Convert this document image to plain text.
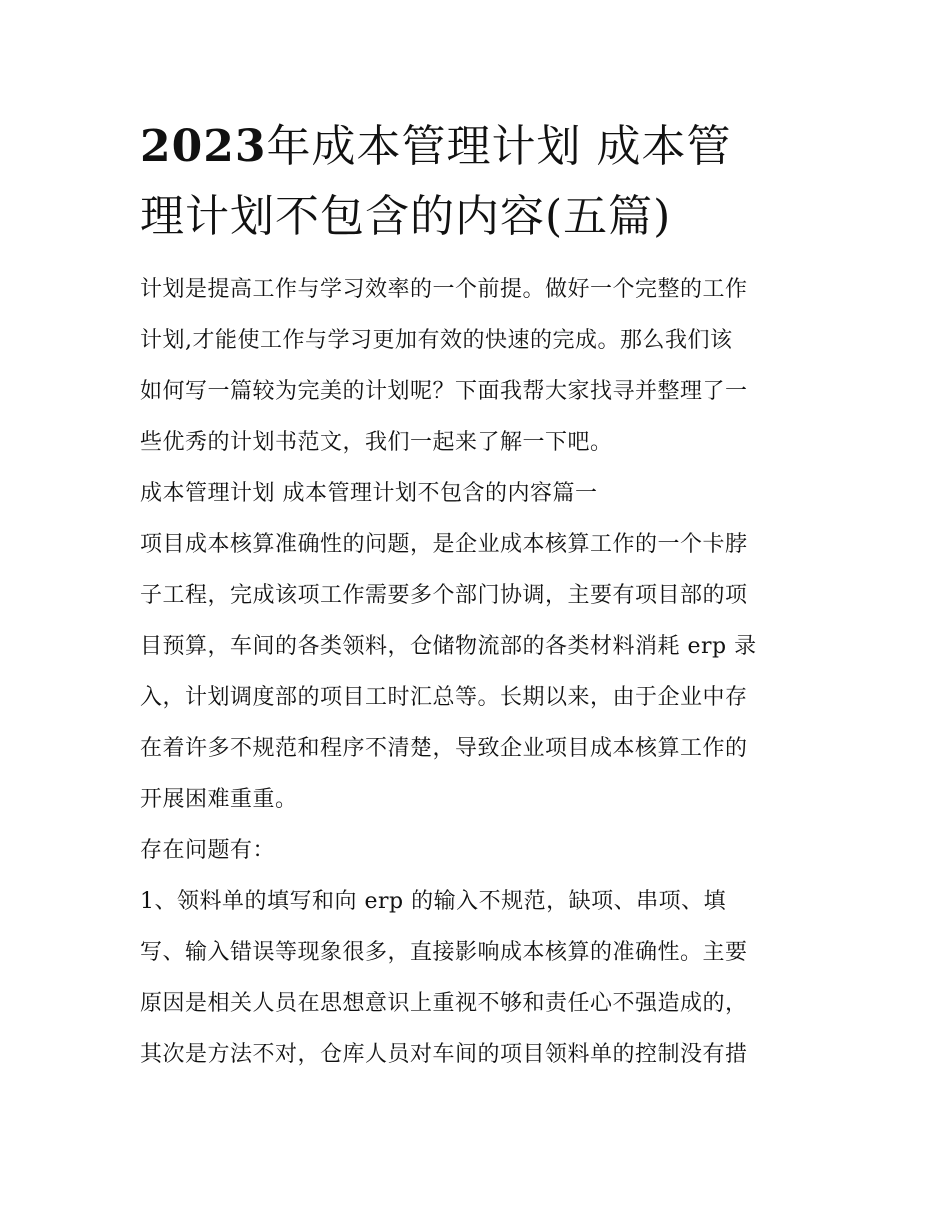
2023年成本管理计划 成本管
理计划不包含的内容(五篇)
计划是提高工作与学习效率的一个前提。做好一个完整的工作
计划,才能使工作与学习更加有效的快速的完成。那么我们该
如何写一篇较为完美的计划呢？下面我帮大家找寻并整理了一
些优秀的计划书范文，我们一起来了解一下吧。
成本管理计划 成本管理计划不包含的内容篇一
项目成本核算准确性的问题，是企业成本核算工作的一个卡脖
子工程，完成该项工作需要多个部门协调，主要有项目部的项
目预算，车间的各类领料，仓储物流部的各类材料消耗 erp 录
入，计划调度部的项目工时汇总等。长期以来，由于企业中存
在着许多不规范和程序不清楚，导致企业项目成本核算工作的
开展困难重重。
存在问题有：
1、领料单的填写和向 erp 的输入不规范，缺项、串项、填
写、输入错误等现象很多，直接影响成本核算的准确性。主要
原因是相关人员在思想意识上重视不够和责任心不强造成的，
其次是方法不对，仓库人员对车间的项目领料单的控制没有措
